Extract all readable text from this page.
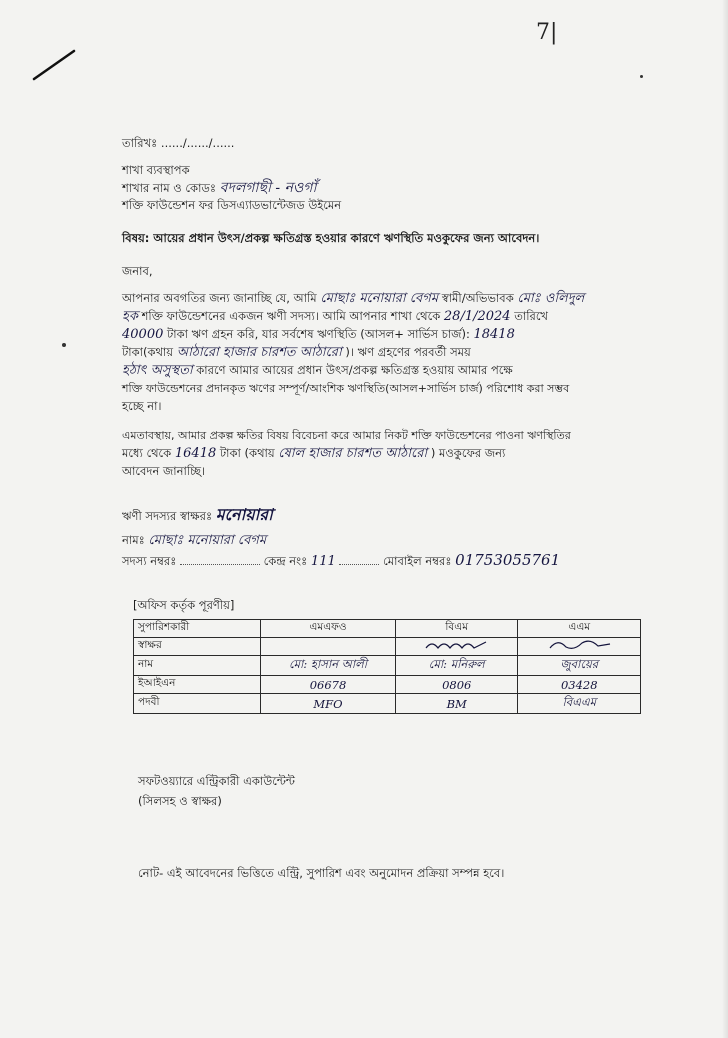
7|
তারিখঃ ....../....../......
শাখা ব্যবস্থাপক
শাখার নাম ও কোডঃ বদলগাছী - নওগাঁ
শক্তি ফাউন্ডেশন ফর ডিসএ্যাডভান্টেজড উইমেন
বিষয়: আয়ের প্রধান উৎস/প্রকল্প ক্ষতিগ্রস্ত হওয়ার কারণে ঋণস্থিতি মওকুফের জন্য আবেদন।
জনাব,
আপনার অবগতির জন্য জানাচ্ছি যে, আমি মোছাঃ মনোয়ারা বেগম স্বামী/অভিভাবক মোঃ ওলিদুল
হক শক্তি ফাউন্ডেশনের একজন ঋণী সদস্য। আমি আপনার শাখা থেকে 28/1/2024 তারিখে
40000 টাকা ঋণ গ্রহন করি, যার সর্বশেষ ঋণস্থিতি (আসল+ সার্ভিস চার্জ): 18418
টাকা(কথায় আঠারো হাজার চারশত আঠারো )। ঋণ গ্রহণের পরবর্তী সময়
হঠাৎ অসুস্থতা কারণে আমার আয়ের প্রধান উৎস/প্রকল্প ক্ষতিগ্রস্ত হওয়ায় আমার পক্ষে
শক্তি ফাউন্ডেশনের প্রদানকৃত ঋণের সম্পূর্ণ/আংশিক ঋণস্থিতি(আসল+সার্ভিস চার্জ) পরিশোধ করা সম্ভব
হচ্ছে না।
এমতাবস্থায়, আমার প্রকল্প ক্ষতির বিষয় বিবেচনা করে আমার নিকট শক্তি ফাউন্ডেশনের পাওনা ঋণস্থিতির
মধ্যে থেকে 16418 টাকা (কথায় ষোল হাজার চারশত আঠারো ) মওকুফের জন্য
আবেদন জানাচ্ছি।
ঋণী সদস্যর স্বাক্ষরঃ মনোয়ারা
নামঃ মোছাঃ মনোয়ারা বেগম
সদস্য নম্বরঃ	কেন্দ্র নংঃ 111	মোবাইল নম্বরঃ 01753055761
[অফিস কর্তৃক পূরণীয়]
সুপারিশকারী	এমএফও	বিএম	এএম
স্বাক্ষর			
নাম	মো: হাসান আলী	মো: মনিরুল	জুবায়ের
ইআইএন	06678	0806	03428
পদবী	MFO	BM	বিএএম
সফটওয়্যারে এন্ট্রিকারী একাউন্টেন্ট
(সিলসহ ও স্বাক্ষর)
নোট- এই আবেদনের ভিত্তিতে এন্ট্রি, সুপারিশ এবং অনুমোদন প্রক্রিয়া সম্পন্ন হবে।
